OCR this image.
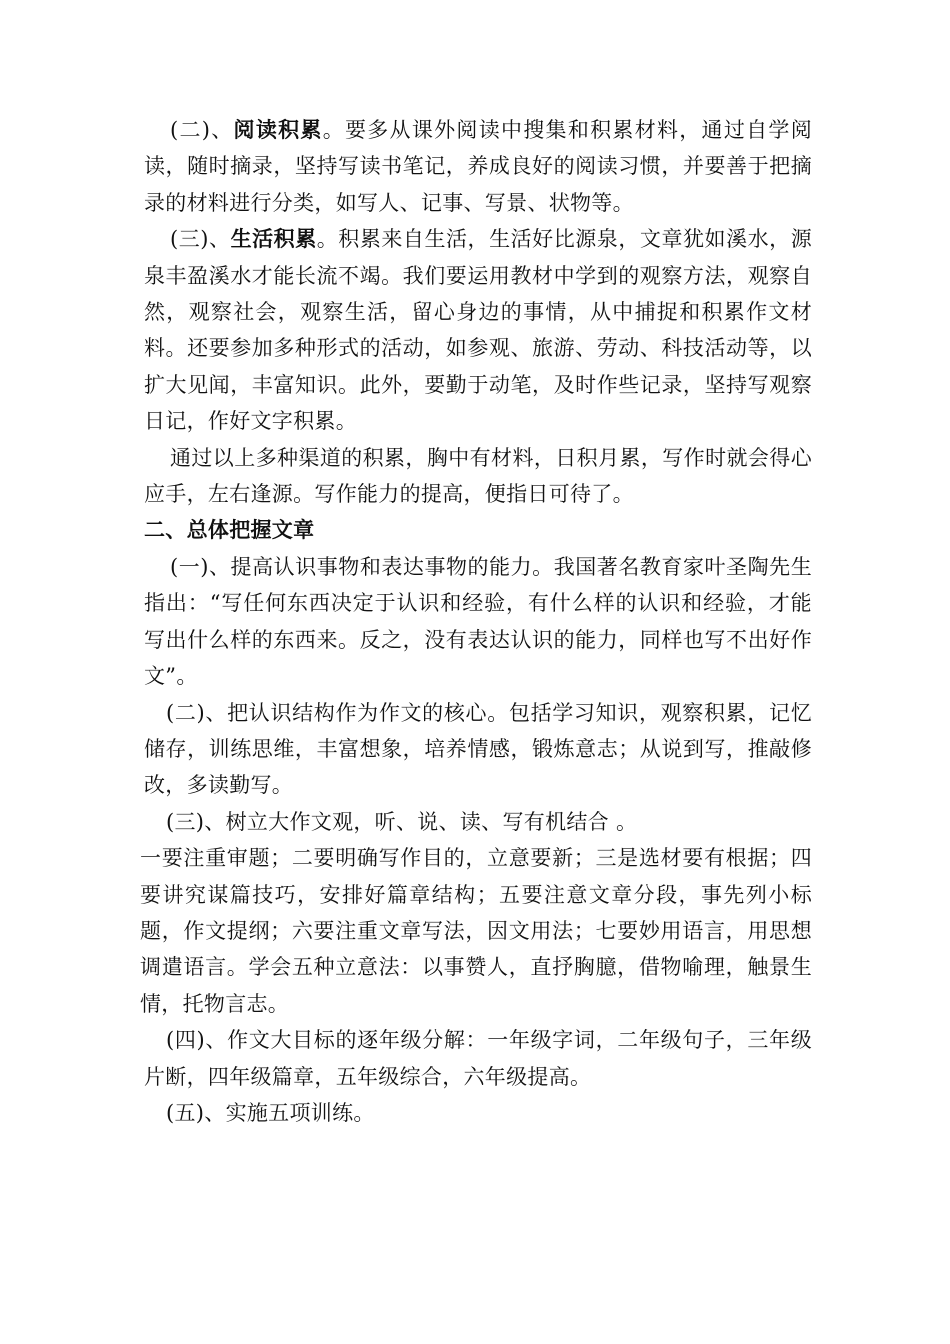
(二)、阅读积累。要多从课外阅读中搜集和积累材料，通过自学阅读，随时摘录，坚持写读书笔记，养成良好的阅读习惯，并要善于把摘录的材料进行分类，如写人、记事、写景、状物等。

(三)、生活积累。积累来自生活，生活好比源泉，文章犹如溪水，源泉丰盈溪水才能长流不竭。我们要运用教材中学到的观察方法，观察自然，观察社会，观察生活，留心身边的事情，从中捕捉和积累作文材料。还要参加多种形式的活动，如参观、旅游、劳动、科技活动等，以扩大见闻，丰富知识。此外，要勤于动笔，及时作些记录，坚持写观察日记，作好文字积累。

通过以上多种渠道的积累，胸中有材料，日积月累，写作时就会得心应手，左右逢源。写作能力的提高，便指日可待了。

二、总体把握文章

(一)、提高认识事物和表达事物的能力。我国著名教育家叶圣陶先生指出：“写任何东西决定于认识和经验，有什么样的认识和经验，才能写出什么样的东西来。反之，没有表达认识的能力，同样也写不出好作文”。

(二)、把认识结构作为作文的核心。包括学习知识，观察积累，记忆储存，训练思维，丰富想象，培养情感，锻炼意志；从说到写，推敲修改，多读勤写。

(三)、树立大作文观，听、说、读、写有机结合 。

一要注重审题；二要明确写作目的，立意要新；三是选材要有根据；四要讲究谋篇技巧，安排好篇章结构；五要注意文章分段，事先列小标题，作文提纲；六要注重文章写法，因文用法；七要妙用语言，用思想调遣语言。学会五种立意法：以事赞人，直抒胸臆，借物喻理，触景生情，托物言志。

(四)、作文大目标的逐年级分解：一年级字词，二年级句子，三年级片断，四年级篇章，五年级综合，六年级提高。

(五)、实施五项训练。
